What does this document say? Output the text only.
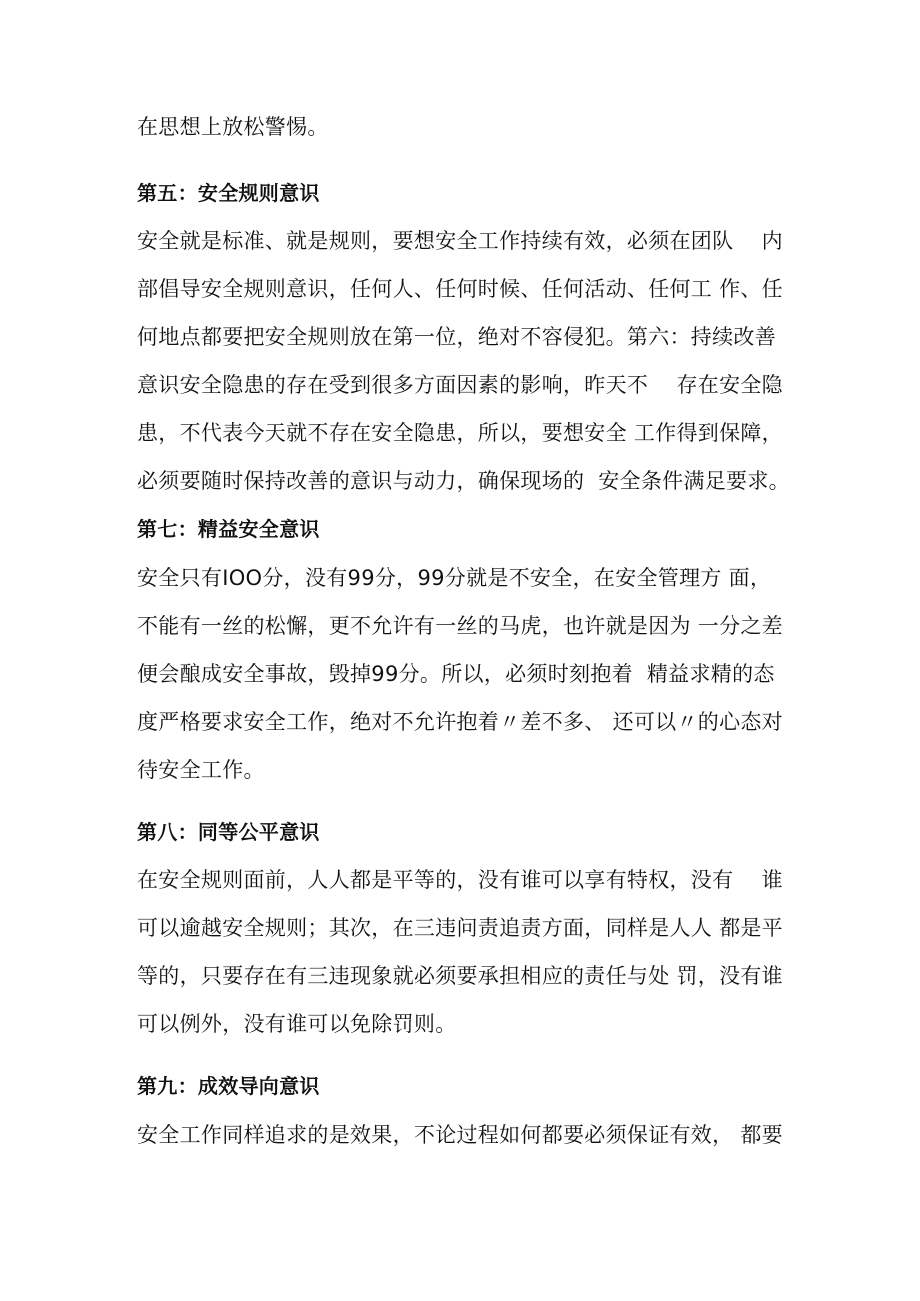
在思想上放松警惕。
第五：安全规则意识
安全就是标准、就是规则，要想安全工作持续有效，必须在团队　 内
部倡导安全规则意识，任何人、任何时候、任何活动、任何工 作、任
何地点都要把安全规则放在第一位，绝对不容侵犯。第六：持续改善
意识安全隐患的存在受到很多方面因素的影响，昨天不　 存在安全隐
患，不代表今天就不存在安全隐患，所以，要想安全 工作得到保障，
必须要随时保持改善的意识与动力，确保现场的  安全条件满足要求。
第七：精益安全意识
安全只有IOO分，没有99分，99分就是不安全，在安全管理方 面，
不能有一丝的松懈，更不允许有一丝的马虎，也许就是因为 一分之差
便会酿成安全事故，毁掉99分。所以，必须时刻抱着  精益求精的态
度严格要求安全工作，绝对不允许抱着〃差不多、 还可以〃的心态对
待安全工作。
第八：同等公平意识
在安全规则面前，人人都是平等的，没有谁可以享有特权，没有　 谁
可以逾越安全规则；其次，在三违问责追责方面，同样是人人 都是平
等的，只要存在有三违现象就必须要承担相应的责任与处 罚，没有谁
可以例外，没有谁可以免除罚则。
第九：成效导向意识
安全工作同样追求的是效果，不论过程如何都要必须保证有效， 都要
